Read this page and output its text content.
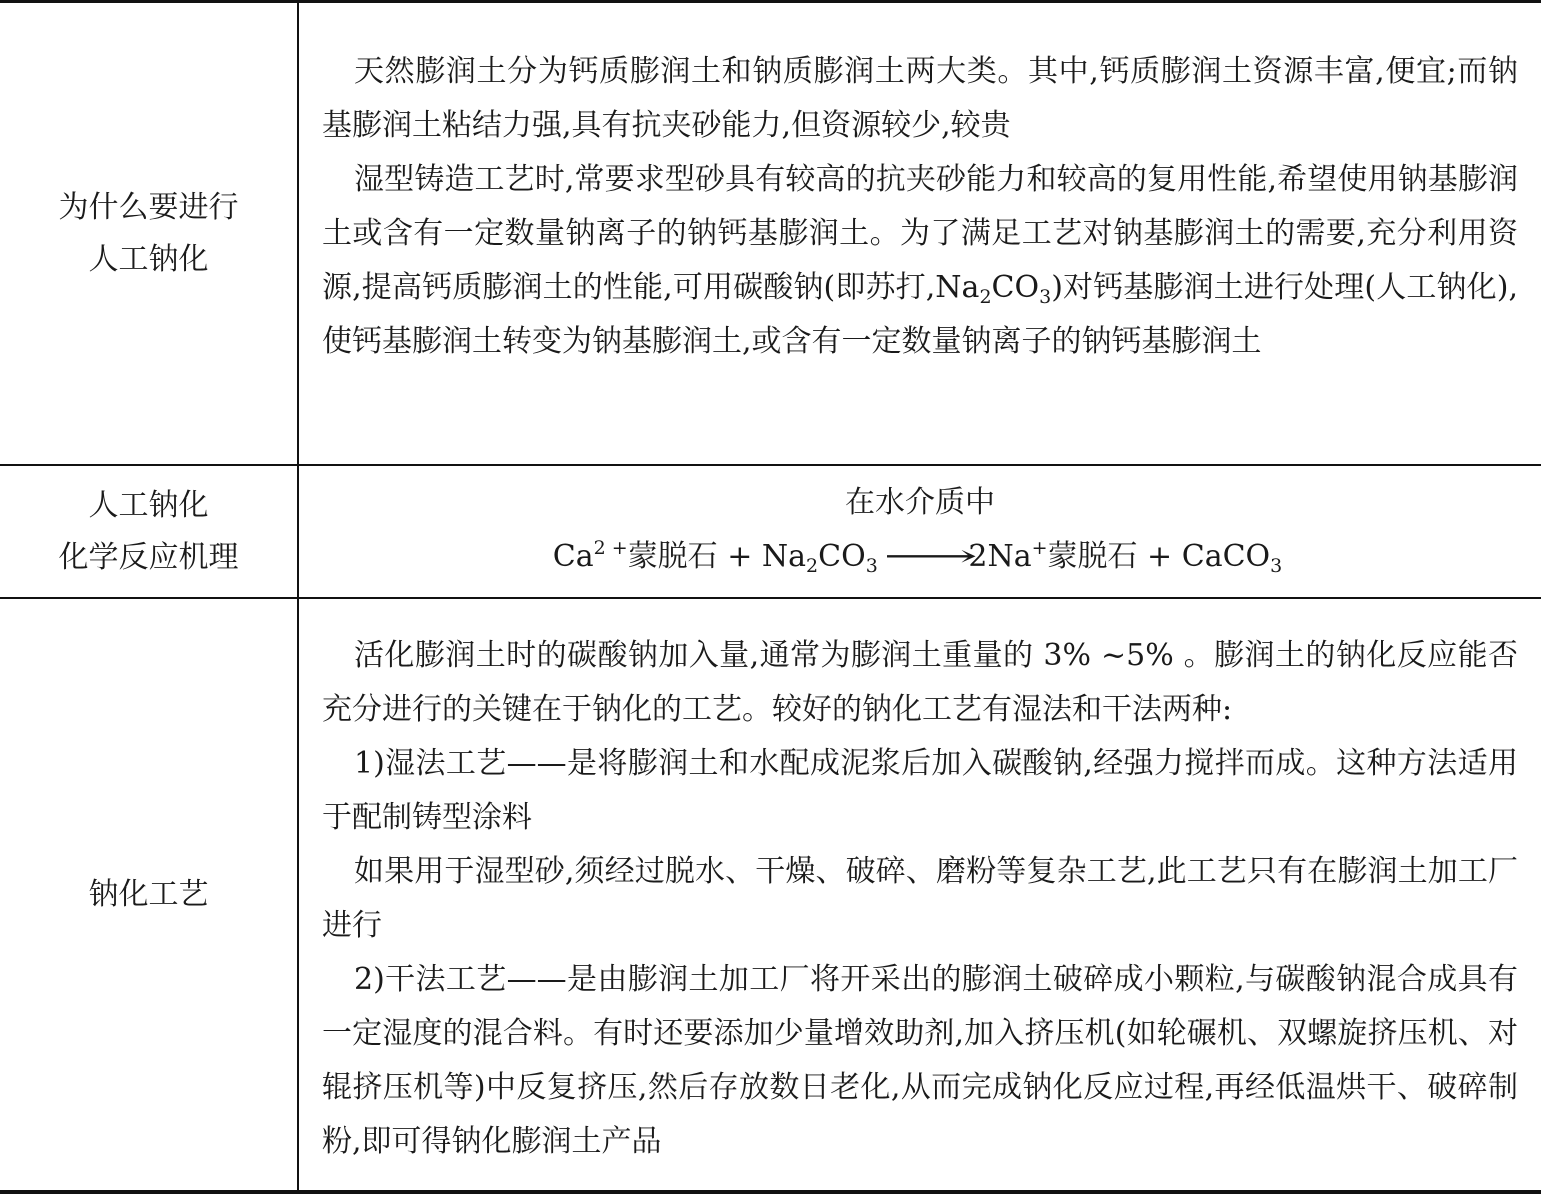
为什么要进行
人工钠化

天然膨润土分为钙质膨润土和钠质膨润土两大类。其中,钙质膨润土资源丰富,便宜;而钠基膨润土粘结力强,具有抗夹砂能力,但资源较少,较贵

湿型铸造工艺时,常要求型砂具有较高的抗夹砂能力和较高的复用性能,希望使用钠基膨润土或含有一定数量钠离子的钠钙基膨润土。为了满足工艺对钠基膨润土的需要,充分利用资源,提高钙质膨润土的性能,可用碳酸钠(即苏打$,Na_2CO_3$)对钙基膨润土进行处理(人工钠化),使钙基膨润土转变为钠基膨润土,或含有一定数量钠离子的钠钙基膨润土

人工钠化
化学反应机理

在水介质中

$Ca^{2 +}$蒙脱石 + $Na_2CO_3$ ⟶2Na+蒙脱石 + CaCO$_3$

钠化工艺

活化膨润土时的碳酸钠加入量,通常为膨润土重量的 3% ~5% 。膨润土的钠化反应能否充分进行的关键在于钠化的工艺。较好的钠化工艺有湿法和干法两种:

1)湿法工艺——是将膨润土和水配成泥浆后加入碳酸钠,经强力搅拌而成。这种方法适用于配制铸型涂料

如果用于湿型砂,须经过脱水、干燥、破碎、磨粉等复杂工艺,此工艺只有在膨润土加工厂进行

2)干法工艺——是由膨润土加工厂将开采出的膨润土破碎成小颗粒,与碳酸钠混合成具有一定湿度的混合料。有时还要添加少量增效助剂,加入挤压机(如轮碾机、双螺旋挤压机、对辊挤压机等)中反复挤压,然后存放数日老化,从而完成钠化反应过程,再经低温烘干、破碎制粉,即可得钠化膨润土产品
